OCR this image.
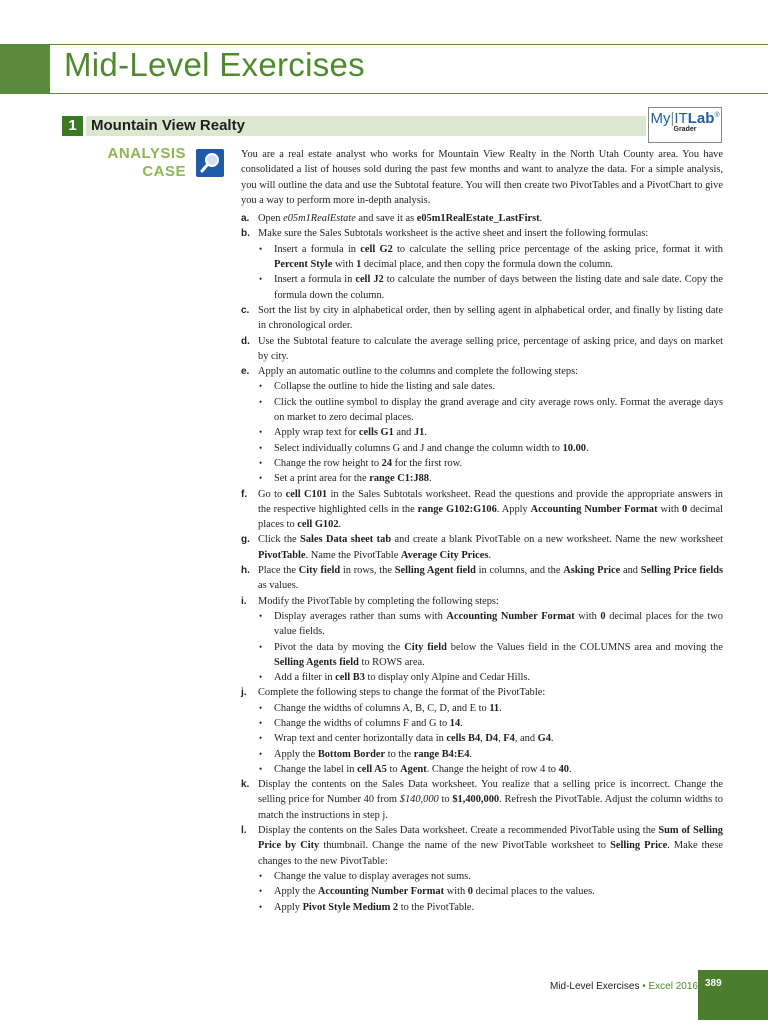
Mid-Level Exercises
1 Mountain View Realty	My|ITLab®
Grader
ANALYSIS
CASE

You are a real estate analyst who works for Mountain View Realty in the North Utah County area. You have consolidated a list of houses sold during the past few months and want to analyze the data. For a simple analysis, you will outline the data and use the Subtotal feature. You will then create two PivotTables and a PivotChart to give you a way to perform more in-depth analysis.

a. Open e05m1RealEstate and save it as e05m1RealEstate_LastFirst.
b. Make sure the Sales Subtotals worksheet is the active sheet and insert the following formulas:
• Insert a formula in cell G2 to calculate the selling price percentage of the asking price, format it with Percent Style with 1 decimal place, and then copy the formula down the column.
• Insert a formula in cell J2 to calculate the number of days between the listing date and sale date. Copy the formula down the column.
c. Sort the list by city in alphabetical order, then by selling agent in alphabetical order, and finally by listing date in chronological order.
d. Use the Subtotal feature to calculate the average selling price, percentage of asking price, and days on market by city.
e. Apply an automatic outline to the columns and complete the following steps:
• Collapse the outline to hide the listing and sale dates.
• Click the outline symbol to display the grand average and city average rows only. Format the average days on market to zero decimal places.
• Apply wrap text for cells G1 and J1.
• Select individually columns G and J and change the column width to 10.00.
• Change the row height to 24 for the first row.
• Set a print area for the range C1:J88.
f. Go to cell C101 in the Sales Subtotals worksheet. Read the questions and provide the appropriate answers in the respective highlighted cells in the range G102:G106. Apply Accounting Number Format with 0 decimal places to cell G102.
g. Click the Sales Data sheet tab and create a blank PivotTable on a new worksheet. Name the new worksheet PivotTable. Name the PivotTable Average City Prices.
h. Place the City field in rows, the Selling Agent field in columns, and the Asking Price and Selling Price fields as values.
i. Modify the PivotTable by completing the following steps:
• Display averages rather than sums with Accounting Number Format with 0 decimal places for the two value fields.
• Pivot the data by moving the City field below the Values field in the COLUMNS area and moving the Selling Agents field to ROWS area.
• Add a filter in cell B3 to display only Alpine and Cedar Hills.
j. Complete the following steps to change the format of the PivotTable:
• Change the widths of columns A, B, C, D, and E to 11.
• Change the widths of columns F and G to 14.
• Wrap text and center horizontally data in cells B4, D4, F4, and G4.
• Apply the Bottom Border to the range B4:E4.
• Change the label in cell A5 to Agent. Change the height of row 4 to 40.
k. Display the contents on the Sales Data worksheet. You realize that a selling price is incorrect. Change the selling price for Number 40 from $140,000 to $1,400,000. Refresh the PivotTable. Adjust the column widths to match the instructions in step j.
l. Display the contents on the Sales Data worksheet. Create a recommended PivotTable using the Sum of Selling Price by City thumbnail. Change the name of the new PivotTable worksheet to Selling Price. Make these changes to the new PivotTable:
• Change the value to display averages not sums.
• Apply the Accounting Number Format with 0 decimal places to the values.
• Apply Pivot Style Medium 2 to the PivotTable.
Mid-Level Exercises • Excel 2016 389
